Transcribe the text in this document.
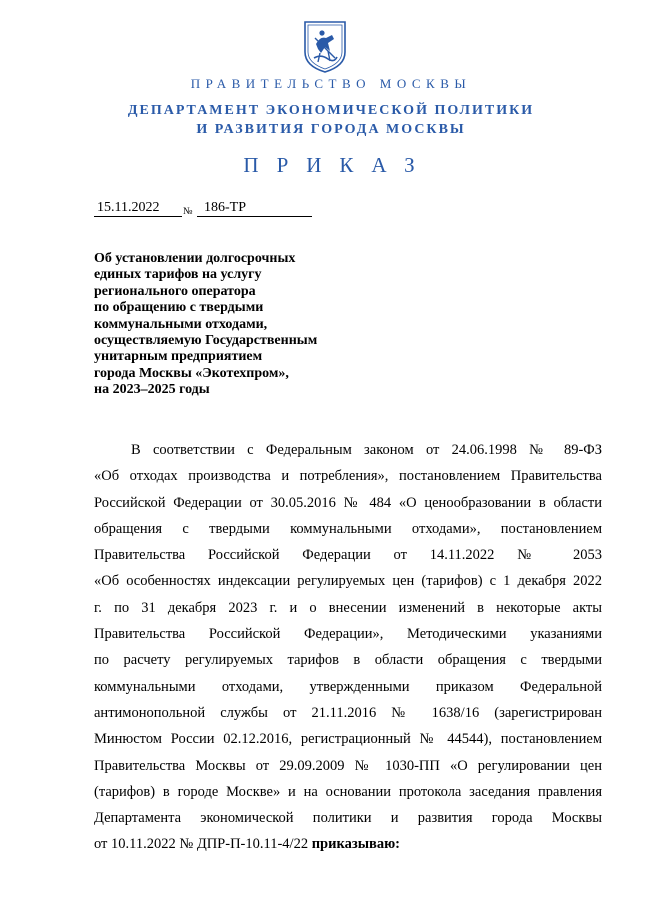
ПРАВИТЕЛЬСТВО МОСКВЫ
ДЕПАРТАМЕНТ ЭКОНОМИЧЕСКОЙ ПОЛИТИКИ
И РАЗВИТИЯ ГОРОДА МОСКВЫ
ПРИКАЗ
15.11.2022	№ 186-ТР
Об установлении долгосрочных
единых тарифов на услугу
регионального оператора
по обращению с твердыми
коммунальными отходами,
осуществляемую Государственным
унитарным предприятием
города Москвы «Экотехпром»,
на 2023–2025 годы
В соответствии с Федеральным законом от 24.06.1998 № 89-ФЗ
«Об отходах производства и потребления», постановлением Правительства
Российской Федерации от 30.05.2016 № 484 «О ценообразовании в области
обращения с твердыми коммунальными отходами», постановлением
Правительства Российской Федерации от 14.11.2022 № 2053
«Об особенностях индексации регулируемых цен (тарифов) с 1 декабря 2022
г. по 31 декабря 2023 г. и о внесении изменений в некоторые акты
Правительства Российской Федерации», Методическими указаниями
по расчету регулируемых тарифов в области обращения с твердыми
коммунальными отходами, утвержденными приказом Федеральной
антимонопольной службы от 21.11.2016 № 1638/16 (зарегистрирован
Минюстом России 02.12.2016, регистрационный № 44544), постановлением
Правительства Москвы от 29.09.2009 № 1030-ПП «О регулировании цен
(тарифов) в городе Москве» и на основании протокола заседания правления
Департамента экономической политики и развития города Москвы
от 10.11.2022 № ДПР-П-10.11-4/22 приказываю:
